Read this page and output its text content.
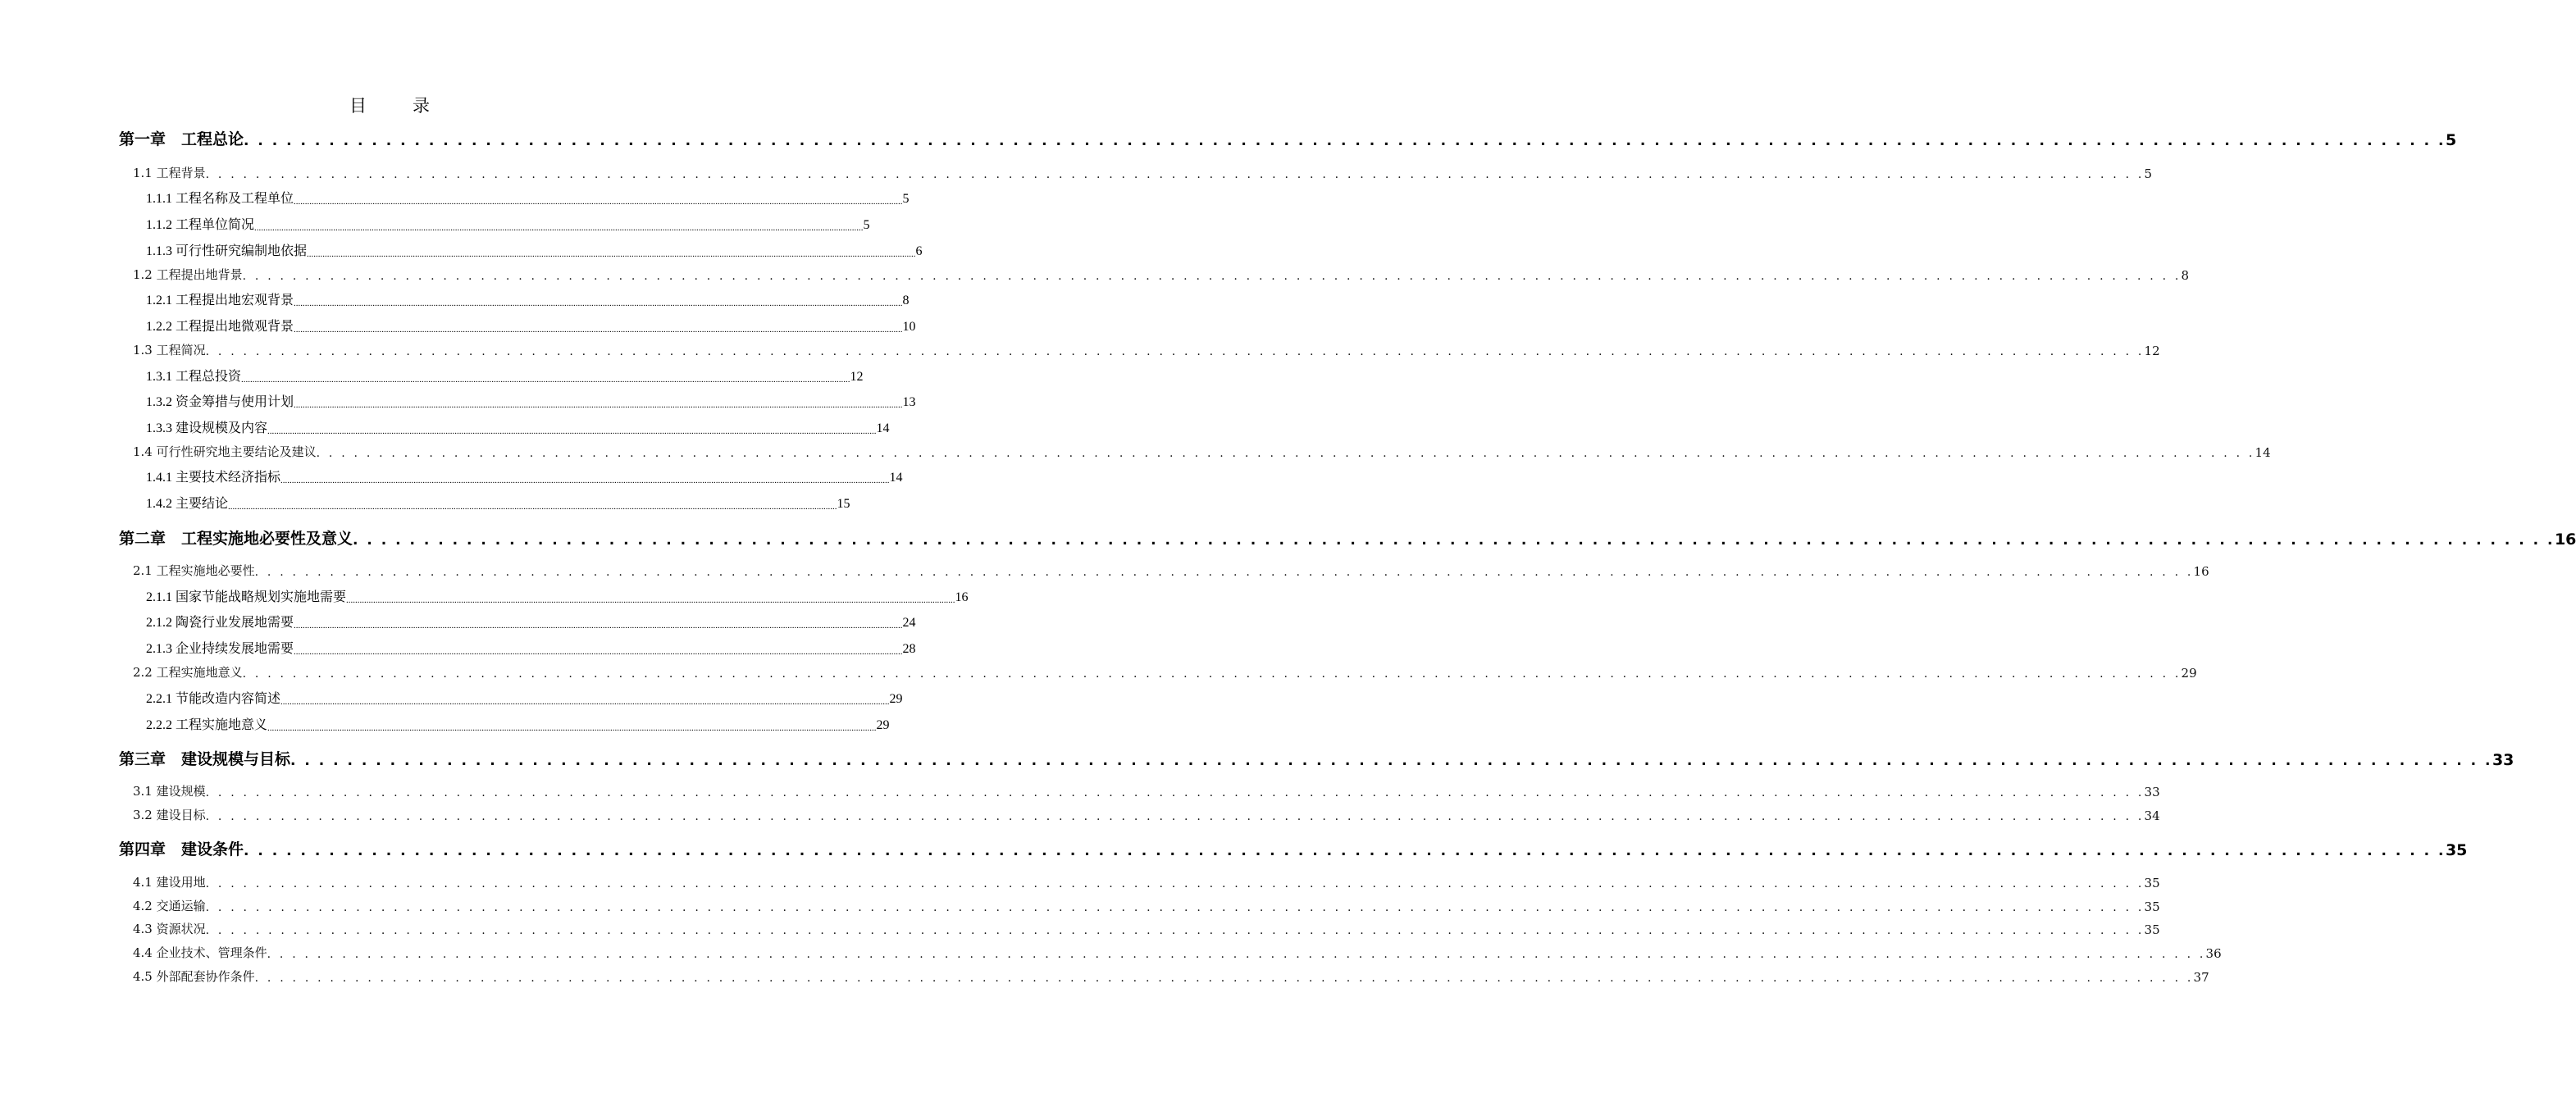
目录
第一章　工程总论 . . . . . . . . . . . . . . . . . . . . . . . . . . . . . . . . . . . . . . . . . . . . . . . . . . . . . . . . . . . . . . . . . . . . . . . . . . . . . . . . . . . . . . . . . . . . . . . . . . . . . . . . . . . . . . . . . . . . . . . . . . . . . . . . . . . . . . . . . . . . . . . . . . . . . . . . . . . 5
1.1 工程背景 . . . . . . . . . . . . . . . . . . . . . . . . . . . . . . . . . . . . . . . . . . . . . . . . . . . . . . . . . . . . . . . . . . . . . . . . . . . . . . . . . . . . . . . . . . . . . . . . . . . . . . . . . . . . . . . . . . . . . . . . . . . . . . . . . . . . . . . . . . . . . . . . . . . . . . . . . . . 5
1.1.1 工程名称及工程单位 .............................................................................................................................................................................................................................................................................. 5
1.1.2 工程单位简况 .............................................................................................................................................................................................................................................................................. 5
1.1.3 可行性研究编制地依据 .............................................................................................................................................................................................................................................................................. 6
1.2 工程提出地背景 . . . . . . . . . . . . . . . . . . . . . . . . . . . . . . . . . . . . . . . . . . . . . . . . . . . . . . . . . . . . . . . . . . . . . . . . . . . . . . . . . . . . . . . . . . . . . . . . . . . . . . . . . . . . . . . . . . . . . . . . . . . . . . . . . . . . . . . . . . . . . . . . . . . . . . . . . . . 8
1.2.1 工程提出地宏观背景 .............................................................................................................................................................................................................................................................................. 8
1.2.2 工程提出地微观背景 .............................................................................................................................................................................................................................................................................. 10
1.3 工程简况 . . . . . . . . . . . . . . . . . . . . . . . . . . . . . . . . . . . . . . . . . . . . . . . . . . . . . . . . . . . . . . . . . . . . . . . . . . . . . . . . . . . . . . . . . . . . . . . . . . . . . . . . . . . . . . . . . . . . . . . . . . . . . . . . . . . . . . . . . . . . . . . . . . . . . . . . . . . 12
1.3.1 工程总投资 .............................................................................................................................................................................................................................................................................. 12
1.3.2 资金筹措与使用计划 .............................................................................................................................................................................................................................................................................. 13
1.3.3 建设规模及内容 .............................................................................................................................................................................................................................................................................. 14
1.4 可行性研究地主要结论及建议 . . . . . . . . . . . . . . . . . . . . . . . . . . . . . . . . . . . . . . . . . . . . . . . . . . . . . . . . . . . . . . . . . . . . . . . . . . . . . . . . . . . . . . . . . . . . . . . . . . . . . . . . . . . . . . . . . . . . . . . . . . . . . . . . . . . . . . . . . . . . . . . . . . . . . . . . . . . 14
1.4.1 主要技术经济指标 .............................................................................................................................................................................................................................................................................. 14
1.4.2 主要结论 .............................................................................................................................................................................................................................................................................. 15
第二章　工程实施地必要性及意义 . . . . . . . . . . . . . . . . . . . . . . . . . . . . . . . . . . . . . . . . . . . . . . . . . . . . . . . . . . . . . . . . . . . . . . . . . . . . . . . . . . . . . . . . . . . . . . . . . . . . . . . . . . . . . . . . . . . . . . . . . . . . . . . . . . . . . . . . . . . . . . . . . . . . . . . . . . . 16
2.1 工程实施地必要性 . . . . . . . . . . . . . . . . . . . . . . . . . . . . . . . . . . . . . . . . . . . . . . . . . . . . . . . . . . . . . . . . . . . . . . . . . . . . . . . . . . . . . . . . . . . . . . . . . . . . . . . . . . . . . . . . . . . . . . . . . . . . . . . . . . . . . . . . . . . . . . . . . . . . . . . . . . . 16
2.1.1 国家节能战略规划实施地需要 .............................................................................................................................................................................................................................................................................. 16
2.1.2 陶瓷行业发展地需要 .............................................................................................................................................................................................................................................................................. 24
2.1.3 企业持续发展地需要 .............................................................................................................................................................................................................................................................................. 28
2.2 工程实施地意义 . . . . . . . . . . . . . . . . . . . . . . . . . . . . . . . . . . . . . . . . . . . . . . . . . . . . . . . . . . . . . . . . . . . . . . . . . . . . . . . . . . . . . . . . . . . . . . . . . . . . . . . . . . . . . . . . . . . . . . . . . . . . . . . . . . . . . . . . . . . . . . . . . . . . . . . . . . . 29
2.2.1 节能改造内容简述 .............................................................................................................................................................................................................................................................................. 29
2.2.2 工程实施地意义 .............................................................................................................................................................................................................................................................................. 29
第三章　建设规模与目标 . . . . . . . . . . . . . . . . . . . . . . . . . . . . . . . . . . . . . . . . . . . . . . . . . . . . . . . . . . . . . . . . . . . . . . . . . . . . . . . . . . . . . . . . . . . . . . . . . . . . . . . . . . . . . . . . . . . . . . . . . . . . . . . . . . . . . . . . . . . . . . . . . . . . . . . . . . . 33
3.1 建设规模 . . . . . . . . . . . . . . . . . . . . . . . . . . . . . . . . . . . . . . . . . . . . . . . . . . . . . . . . . . . . . . . . . . . . . . . . . . . . . . . . . . . . . . . . . . . . . . . . . . . . . . . . . . . . . . . . . . . . . . . . . . . . . . . . . . . . . . . . . . . . . . . . . . . . . . . . . . . 33
3.2 建设目标 . . . . . . . . . . . . . . . . . . . . . . . . . . . . . . . . . . . . . . . . . . . . . . . . . . . . . . . . . . . . . . . . . . . . . . . . . . . . . . . . . . . . . . . . . . . . . . . . . . . . . . . . . . . . . . . . . . . . . . . . . . . . . . . . . . . . . . . . . . . . . . . . . . . . . . . . . . . 34
第四章　建设条件 . . . . . . . . . . . . . . . . . . . . . . . . . . . . . . . . . . . . . . . . . . . . . . . . . . . . . . . . . . . . . . . . . . . . . . . . . . . . . . . . . . . . . . . . . . . . . . . . . . . . . . . . . . . . . . . . . . . . . . . . . . . . . . . . . . . . . . . . . . . . . . . . . . . . . . . . . . . 35
4.1 建设用地 . . . . . . . . . . . . . . . . . . . . . . . . . . . . . . . . . . . . . . . . . . . . . . . . . . . . . . . . . . . . . . . . . . . . . . . . . . . . . . . . . . . . . . . . . . . . . . . . . . . . . . . . . . . . . . . . . . . . . . . . . . . . . . . . . . . . . . . . . . . . . . . . . . . . . . . . . . . 35
4.2 交通运输 . . . . . . . . . . . . . . . . . . . . . . . . . . . . . . . . . . . . . . . . . . . . . . . . . . . . . . . . . . . . . . . . . . . . . . . . . . . . . . . . . . . . . . . . . . . . . . . . . . . . . . . . . . . . . . . . . . . . . . . . . . . . . . . . . . . . . . . . . . . . . . . . . . . . . . . . . . . 35
4.3 资源状况 . . . . . . . . . . . . . . . . . . . . . . . . . . . . . . . . . . . . . . . . . . . . . . . . . . . . . . . . . . . . . . . . . . . . . . . . . . . . . . . . . . . . . . . . . . . . . . . . . . . . . . . . . . . . . . . . . . . . . . . . . . . . . . . . . . . . . . . . . . . . . . . . . . . . . . . . . . . 35
4.4 企业技术、管理条件 . . . . . . . . . . . . . . . . . . . . . . . . . . . . . . . . . . . . . . . . . . . . . . . . . . . . . . . . . . . . . . . . . . . . . . . . . . . . . . . . . . . . . . . . . . . . . . . . . . . . . . . . . . . . . . . . . . . . . . . . . . . . . . . . . . . . . . . . . . . . . . . . . . . . . . . . . . . 36
4.5 外部配套协作条件 . . . . . . . . . . . . . . . . . . . . . . . . . . . . . . . . . . . . . . . . . . . . . . . . . . . . . . . . . . . . . . . . . . . . . . . . . . . . . . . . . . . . . . . . . . . . . . . . . . . . . . . . . . . . . . . . . . . . . . . . . . . . . . . . . . . . . . . . . . . . . . . . . . . . . . . . . . . 37
